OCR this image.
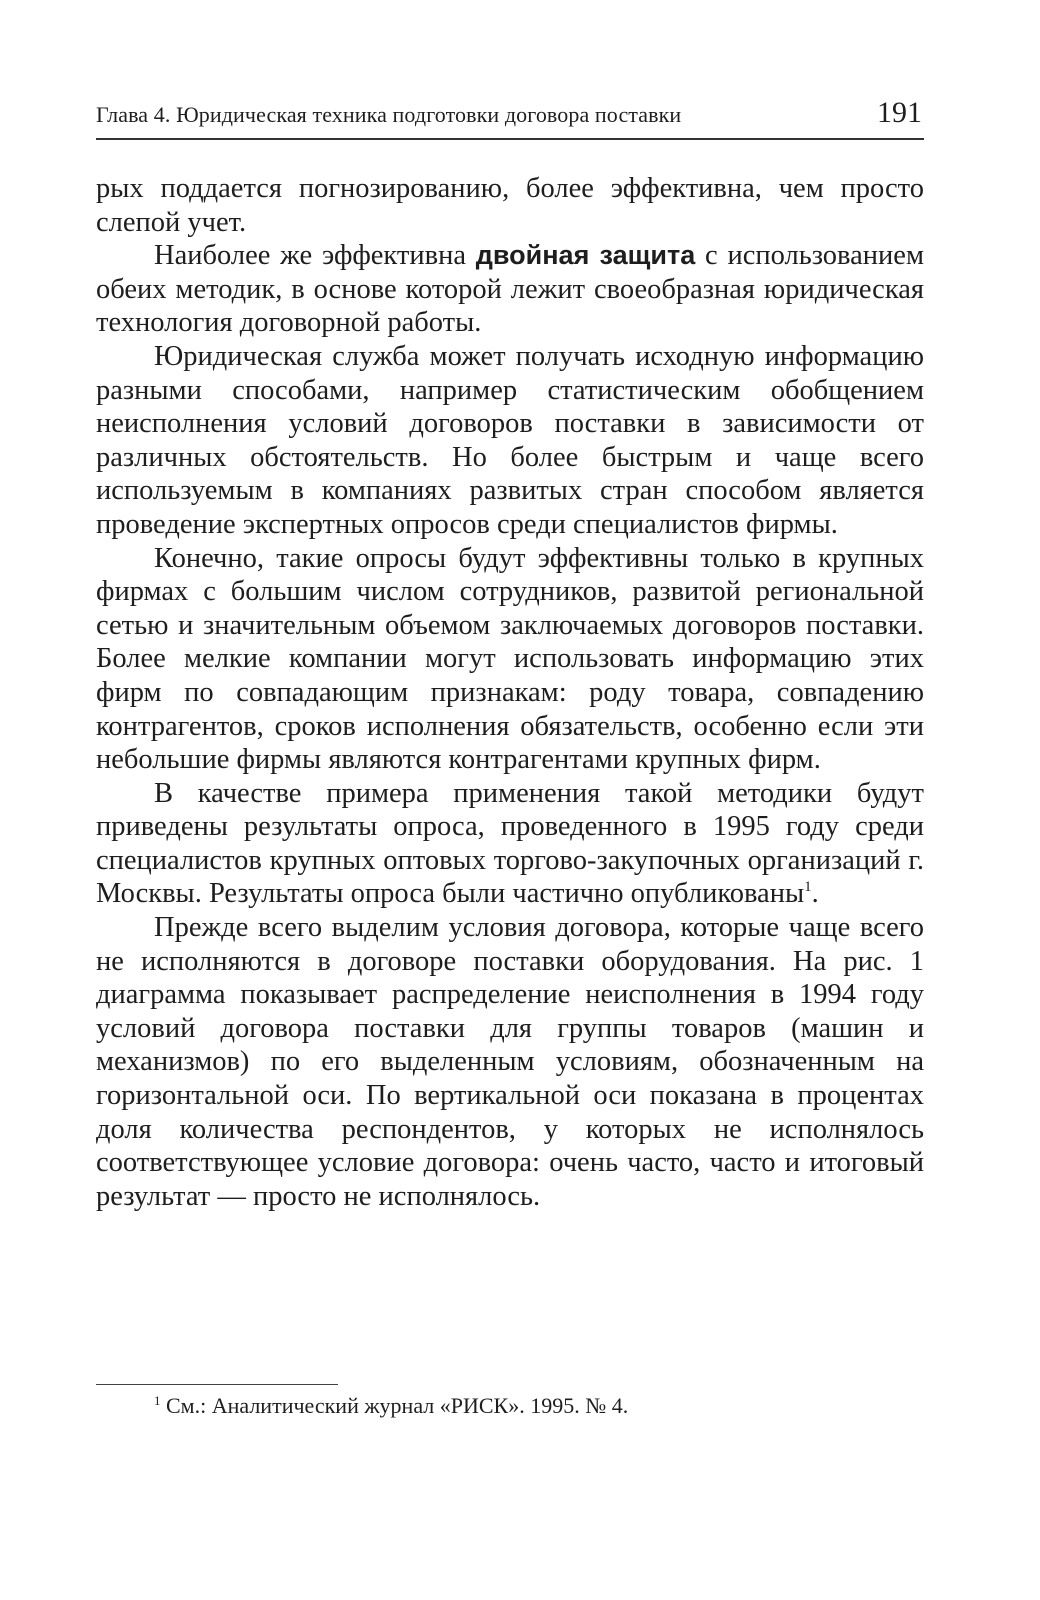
Глава 4. Юридическая техника подготовки договора поставки	191

рых поддается погнозированию, более эффективна, чем просто слепой учет.

Наиболее же эффективна двойная защита с использованием обеих методик, в основе которой лежит своеобразная юридическая технология договорной работы.

Юридическая служба может получать исходную информацию разными способами, например статистическим обобщением неисполнения условий договоров поставки в зависимости от различных обстоятельств. Но более быстрым и чаще всего используемым в компаниях развитых стран способом является проведение экспертных опросов среди специалистов фирмы.

Конечно, такие опросы будут эффективны только в крупных фирмах с большим числом сотрудников, развитой региональной сетью и значительным объемом заключаемых договоров поставки. Более мелкие компании могут использовать информацию этих фирм по совпадающим признакам: роду товара, совпадению контрагентов, сроков исполнения обязательств, особенно если эти небольшие фирмы являются контрагентами крупных фирм.

В качестве примера применения такой методики будут приведены результаты опроса, проведенного в 1995 году среди специалистов крупных оптовых торгово-закупочных организаций г. Москвы. Результаты опроса были частично опубликованы$^1$.

Прежде всего выделим условия договора, которые чаще всего не исполняются в договоре поставки оборудования. На рис. 1 диаграмма показывает распределение неисполнения в 1994 году условий договора поставки для группы товаров (машин и механизмов) по его выделенным условиям, обозначенным на горизонтальной оси. По вертикальной оси показана в процентах доля количества респондентов, у которых не исполнялось соответствующее условие договора: очень часто, часто и итоговый результат — просто не исполнялось.

$^1$ См.: Аналитический журнал «РИСК». 1995. № 4.
